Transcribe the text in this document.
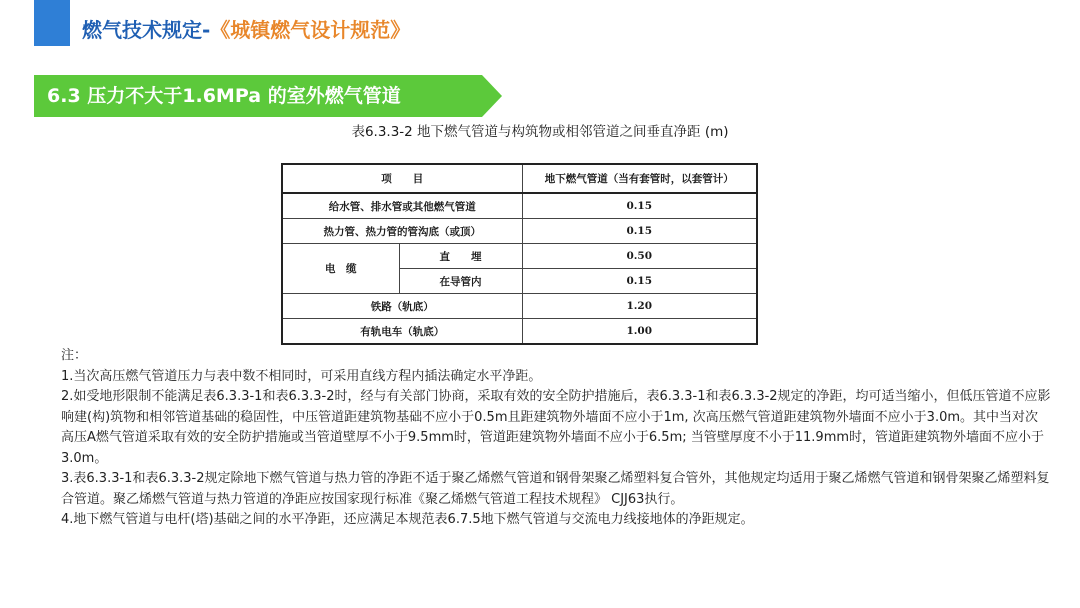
燃气技术规定-《城镇燃气设计规范》
6.3 压力不大于1.6MPa 的室外燃气管道
表6.3.3-2 地下燃气管道与构筑物或相邻管道之间垂直净距 (m)
项　　目		地下燃气管道（当有套管时，以套管计）
给水管、排水管或其他燃气管道		0.15
热力管、热力管的管沟底（或顶）		0.15
电　缆	直　　埋	0.50
	在导管内	0.15
铁路（轨底）		1.20
有轨电车（轨底）		1.00

注：

1.当次高压燃气管道压力与表中数不相同时，可采用直线方程内插法确定水平净距。

2.如受地形限制不能满足表6.3.3-1和表6.3.3-2时，经与有关部门协商，采取有效的安全防护措施后，表6.3.3-1和表6.3.3-2规定的净距，均可适当缩小，但低压管道不应影响建(构)筑物和相邻管道基础的稳固性，中压管道距建筑物基础不应小于0.5m且距建筑物外墙面不应小于1m, 次高压燃气管道距建筑物外墙面不应小于3.0m。其中当对次高压A燃气管道采取有效的安全防护措施或当管道壁厚不小于9.5mm时，管道距建筑物外墙面不应小于6.5m; 当管壁厚度不小于11.9mm时，管道距建筑物外墙面不应小于3.0m。

3.表6.3.3-1和表6.3.3-2规定除地下燃气管道与热力管的净距不适于聚乙烯燃气管道和钢骨架聚乙烯塑料复合管外，其他规定均适用于聚乙烯燃气管道和钢骨架聚乙烯塑料复合管道。聚乙烯燃气管道与热力管道的净距应按国家现行标准《聚乙烯燃气管道工程技术规程》 CJJ63执行。

4.地下燃气管道与电杆(塔)基础之间的水平净距，还应满足本规范表6.7.5地下燃气管道与交流电力线接地体的净距规定。
